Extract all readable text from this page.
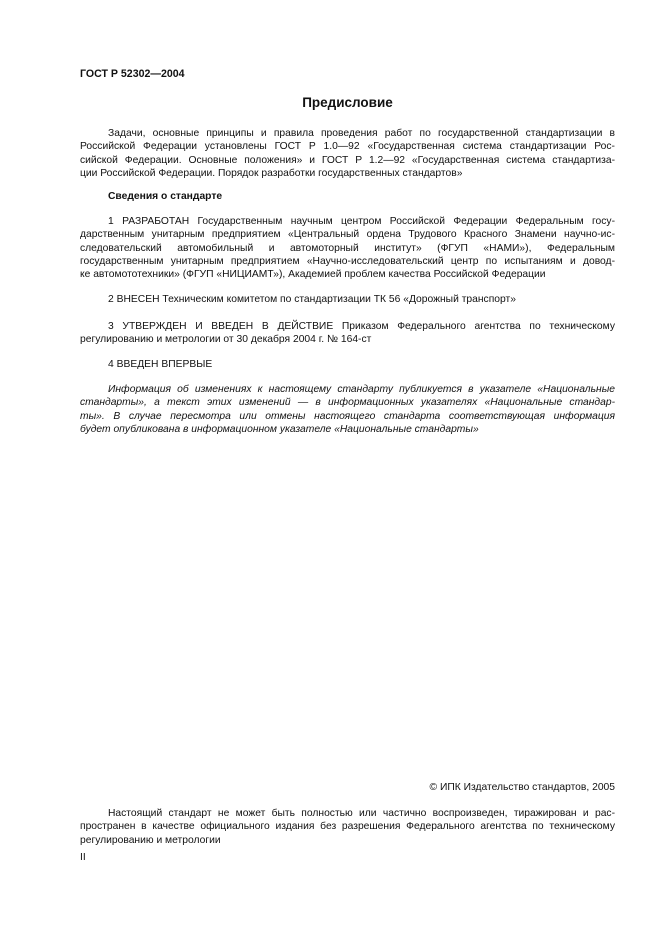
ГОСТ Р 52302—2004
Предисловие
Задачи, основные принципы и правила проведения работ по государственной стандартизации в
Российской Федерации установлены ГОСТ Р 1.0—92 «Государственная система стандартизации Рос-
сийской Федерации. Основные положения» и ГОСТ Р 1.2—92 «Государственная система стандартиза-
ции Российской Федерации. Порядок разработки государственных стандартов»
Сведения о стандарте
1 РАЗРАБОТАН Государственным научным центром Российской Федерации Федеральным госу-
дарственным унитарным предприятием «Центральный ордена Трудового Красного Знамени научно-ис-
следовательский автомобильный и автомоторный институт» (ФГУП «НАМИ»), Федеральным
государственным унитарным предприятием «Научно-исследовательский центр по испытаниям и довод-
ке автомототехники» (ФГУП «НИЦИАМТ»), Академией проблем качества Российской Федерации
2 ВНЕСЕН Техническим комитетом по стандартизации ТК 56 «Дорожный транспорт»
3 УТВЕРЖДЕН И ВВЕДЕН В ДЕЙСТВИЕ Приказом Федерального агентства по техническому
регулированию и метрологии от 30 декабря 2004 г. № 164-ст
4 ВВЕДЕН ВПЕРВЫЕ
Информация об изменениях к настоящему стандарту публикуется в указателе «Национальные
стандарты», а текст этих изменений — в информационных указателях «Национальные стандар-
ты». В случае пересмотра или отмены настоящего стандарта соответствующая информация
будет опубликована в информационном указателе «Национальные стандарты»
© ИПК Издательство стандартов, 2005
Настоящий стандарт не может быть полностью или частично воспроизведен, тиражирован и рас-
пространен в качестве официального издания без разрешения Федерального агентства по техническому
регулированию и метрологии
II
